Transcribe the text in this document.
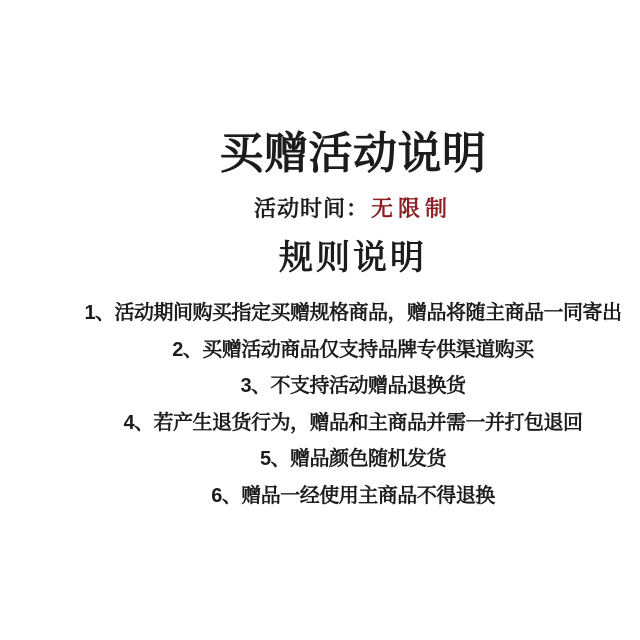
买赠活动说明
活动时间：无限制
规则说明
1、活动期间购买指定买赠规格商品，赠品将随主商品一同寄出
2、买赠活动商品仅支持品牌专供渠道购买
3、不支持活动赠品退换货
4、若产生退货行为，赠品和主商品并需一并打包退回
5、赠品颜色随机发货
6、赠品一经使用主商品不得退换
